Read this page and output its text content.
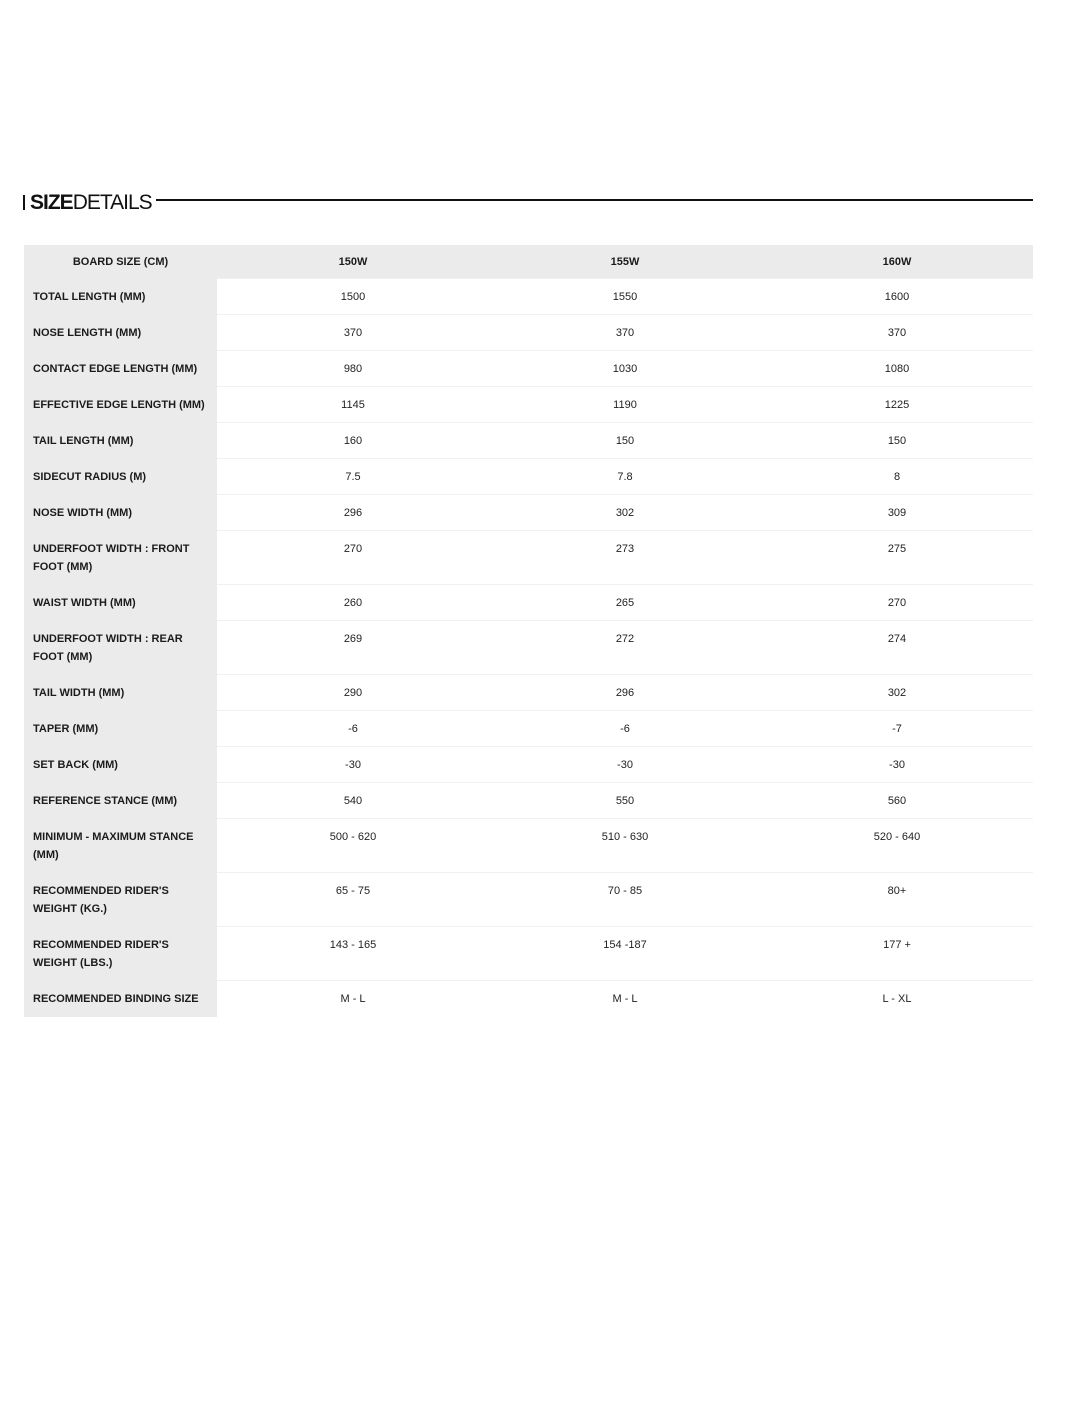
SIZEDETAILS
BOARD SIZE (CM)	150W	155W	160W
TOTAL LENGTH (MM)	1500	1550	1600
NOSE LENGTH (MM)	370	370	370
CONTACT EDGE LENGTH (MM)	980	1030	1080
EFFECTIVE EDGE LENGTH (MM)	1145	1190	1225
TAIL LENGTH (MM)	160	150	150
SIDECUT RADIUS (M)	7.5	7.8	8
NOSE WIDTH (MM)	296	302	309
UNDERFOOT WIDTH : FRONT FOOT (MM)	270	273	275
WAIST WIDTH (MM)	260	265	270
UNDERFOOT WIDTH : REAR FOOT (MM)	269	272	274
TAIL WIDTH (MM)	290	296	302
TAPER (MM)	-6	-6	-7
SET BACK (MM)	-30	-30	-30
REFERENCE STANCE (MM)	540	550	560
MINIMUM - MAXIMUM STANCE (MM)	500 - 620	510 - 630	520 - 640
RECOMMENDED RIDER'S WEIGHT (KG.)	65 - 75	70 - 85	80+
RECOMMENDED RIDER'S WEIGHT (LBS.)	143 - 165	154 -187	177 +
RECOMMENDED BINDING SIZE	M - L	M - L	L - XL
